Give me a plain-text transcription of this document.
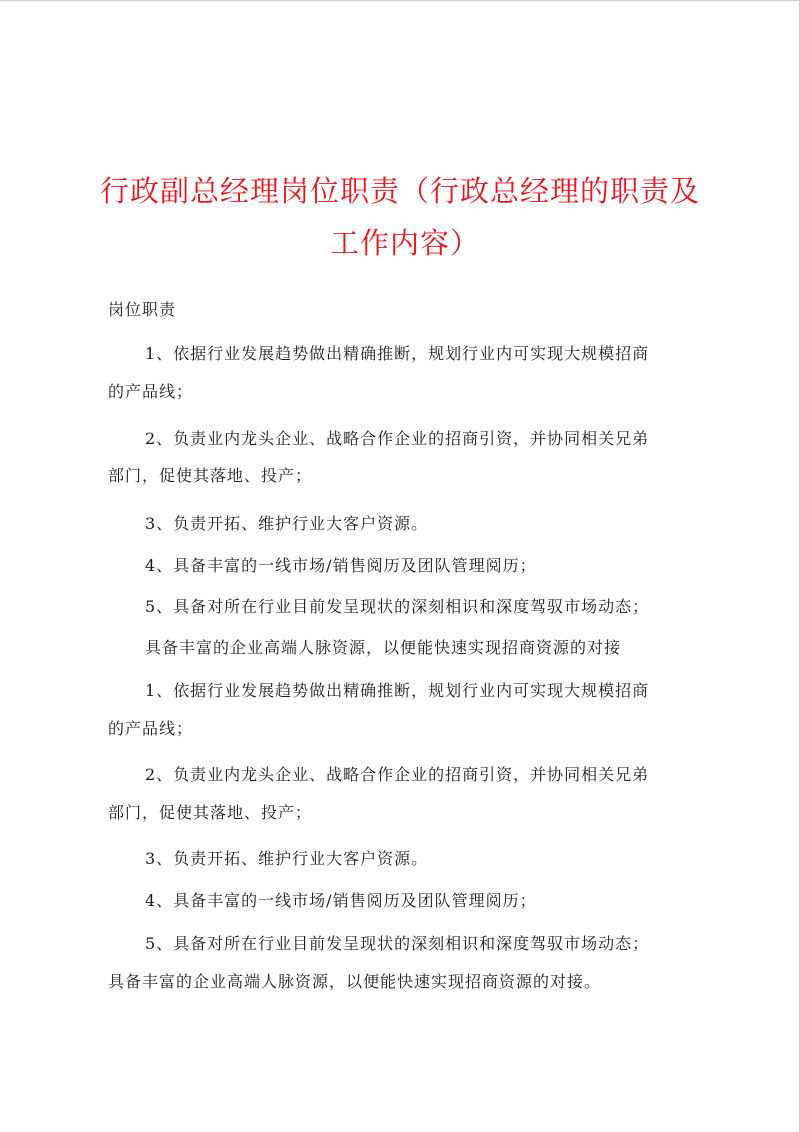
行政副总经理岗位职责（行政总经理的职责及
工作内容）

岗位职责

1、依据行业发展趋势做出精确推断，规划行业内可实现大规模招商

的产品线；

2、负责业内龙头企业、战略合作企业的招商引资，并协同相关兄弟

部门，促使其落地、投产；

3、负责开拓、维护行业大客户资源。

4、具备丰富的一线市场/销售阅历及团队管理阅历；

5、具备对所在行业目前发呈现状的深刻相识和深度驾驭市场动态；

具备丰富的企业高端人脉资源，以便能快速实现招商资源的对接

1、依据行业发展趋势做出精确推断，规划行业内可实现大规模招商

的产品线；

2、负责业内龙头企业、战略合作企业的招商引资，并协同相关兄弟

部门，促使其落地、投产；

3、负责开拓、维护行业大客户资源。

4、具备丰富的一线市场/销售阅历及团队管理阅历；

5、具备对所在行业目前发呈现状的深刻相识和深度驾驭市场动态；

具备丰富的企业高端人脉资源，以便能快速实现招商资源的对接。
